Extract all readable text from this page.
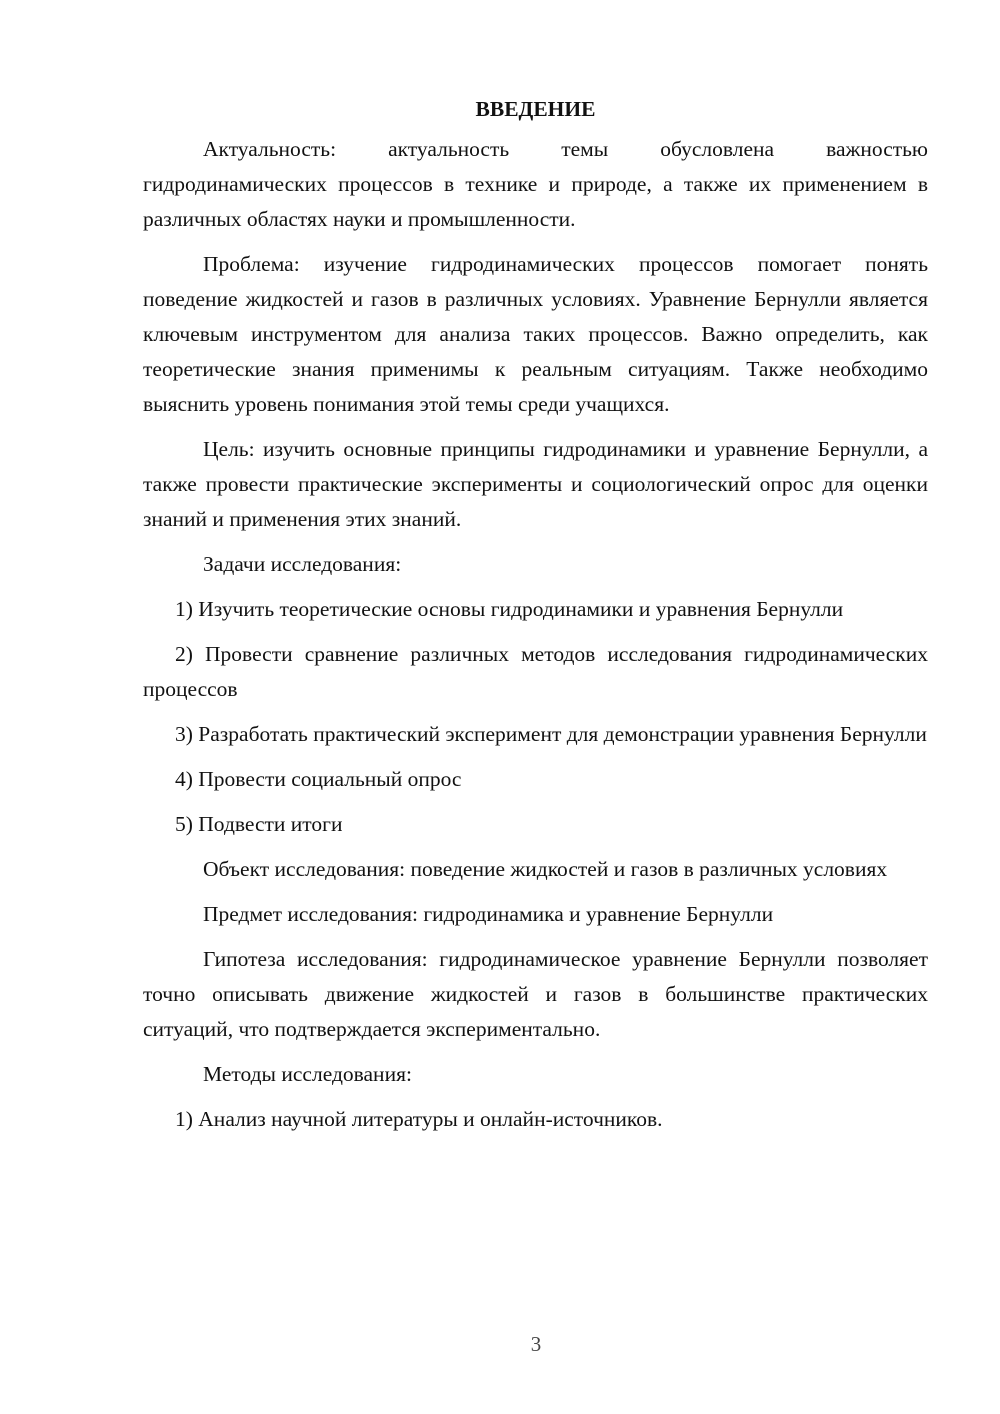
ВВЕДЕНИЕ

Актуальность: актуальность темы обусловлена важностью гидродинамических процессов в технике и природе, а также их применением в различных областях науки и промышленности.

Проблема: изучение гидродинамических процессов помогает понять поведение жидкостей и газов в различных условиях. Уравнение Бернулли является ключевым инструментом для анализа таких процессов. Важно определить, как теоретические знания применимы к реальным ситуациям. Также необходимо выяснить уровень понимания этой темы среди учащихся.

Цель: изучить основные принципы гидродинамики и уравнение Бернулли, а также провести практические эксперименты и социологический опрос для оценки знаний и применения этих знаний.

Задачи исследования:

1) Изучить теоретические основы гидродинамики и уравнения Бернулли

2) Провести сравнение различных методов исследования гидродинамических процессов

3) Разработать практический эксперимент для демонстрации уравнения Бернулли

4) Провести социальный опрос

5) Подвести итоги

Объект исследования: поведение жидкостей и газов в различных условиях

Предмет исследования: гидродинамика и уравнение Бернулли

Гипотеза исследования: гидродинамическое уравнение Бернулли позволяет точно описывать движение жидкостей и газов в большинстве практических ситуаций, что подтверждается экспериментально.

Методы исследования:

1) Анализ научной литературы и онлайн-источников.

3
